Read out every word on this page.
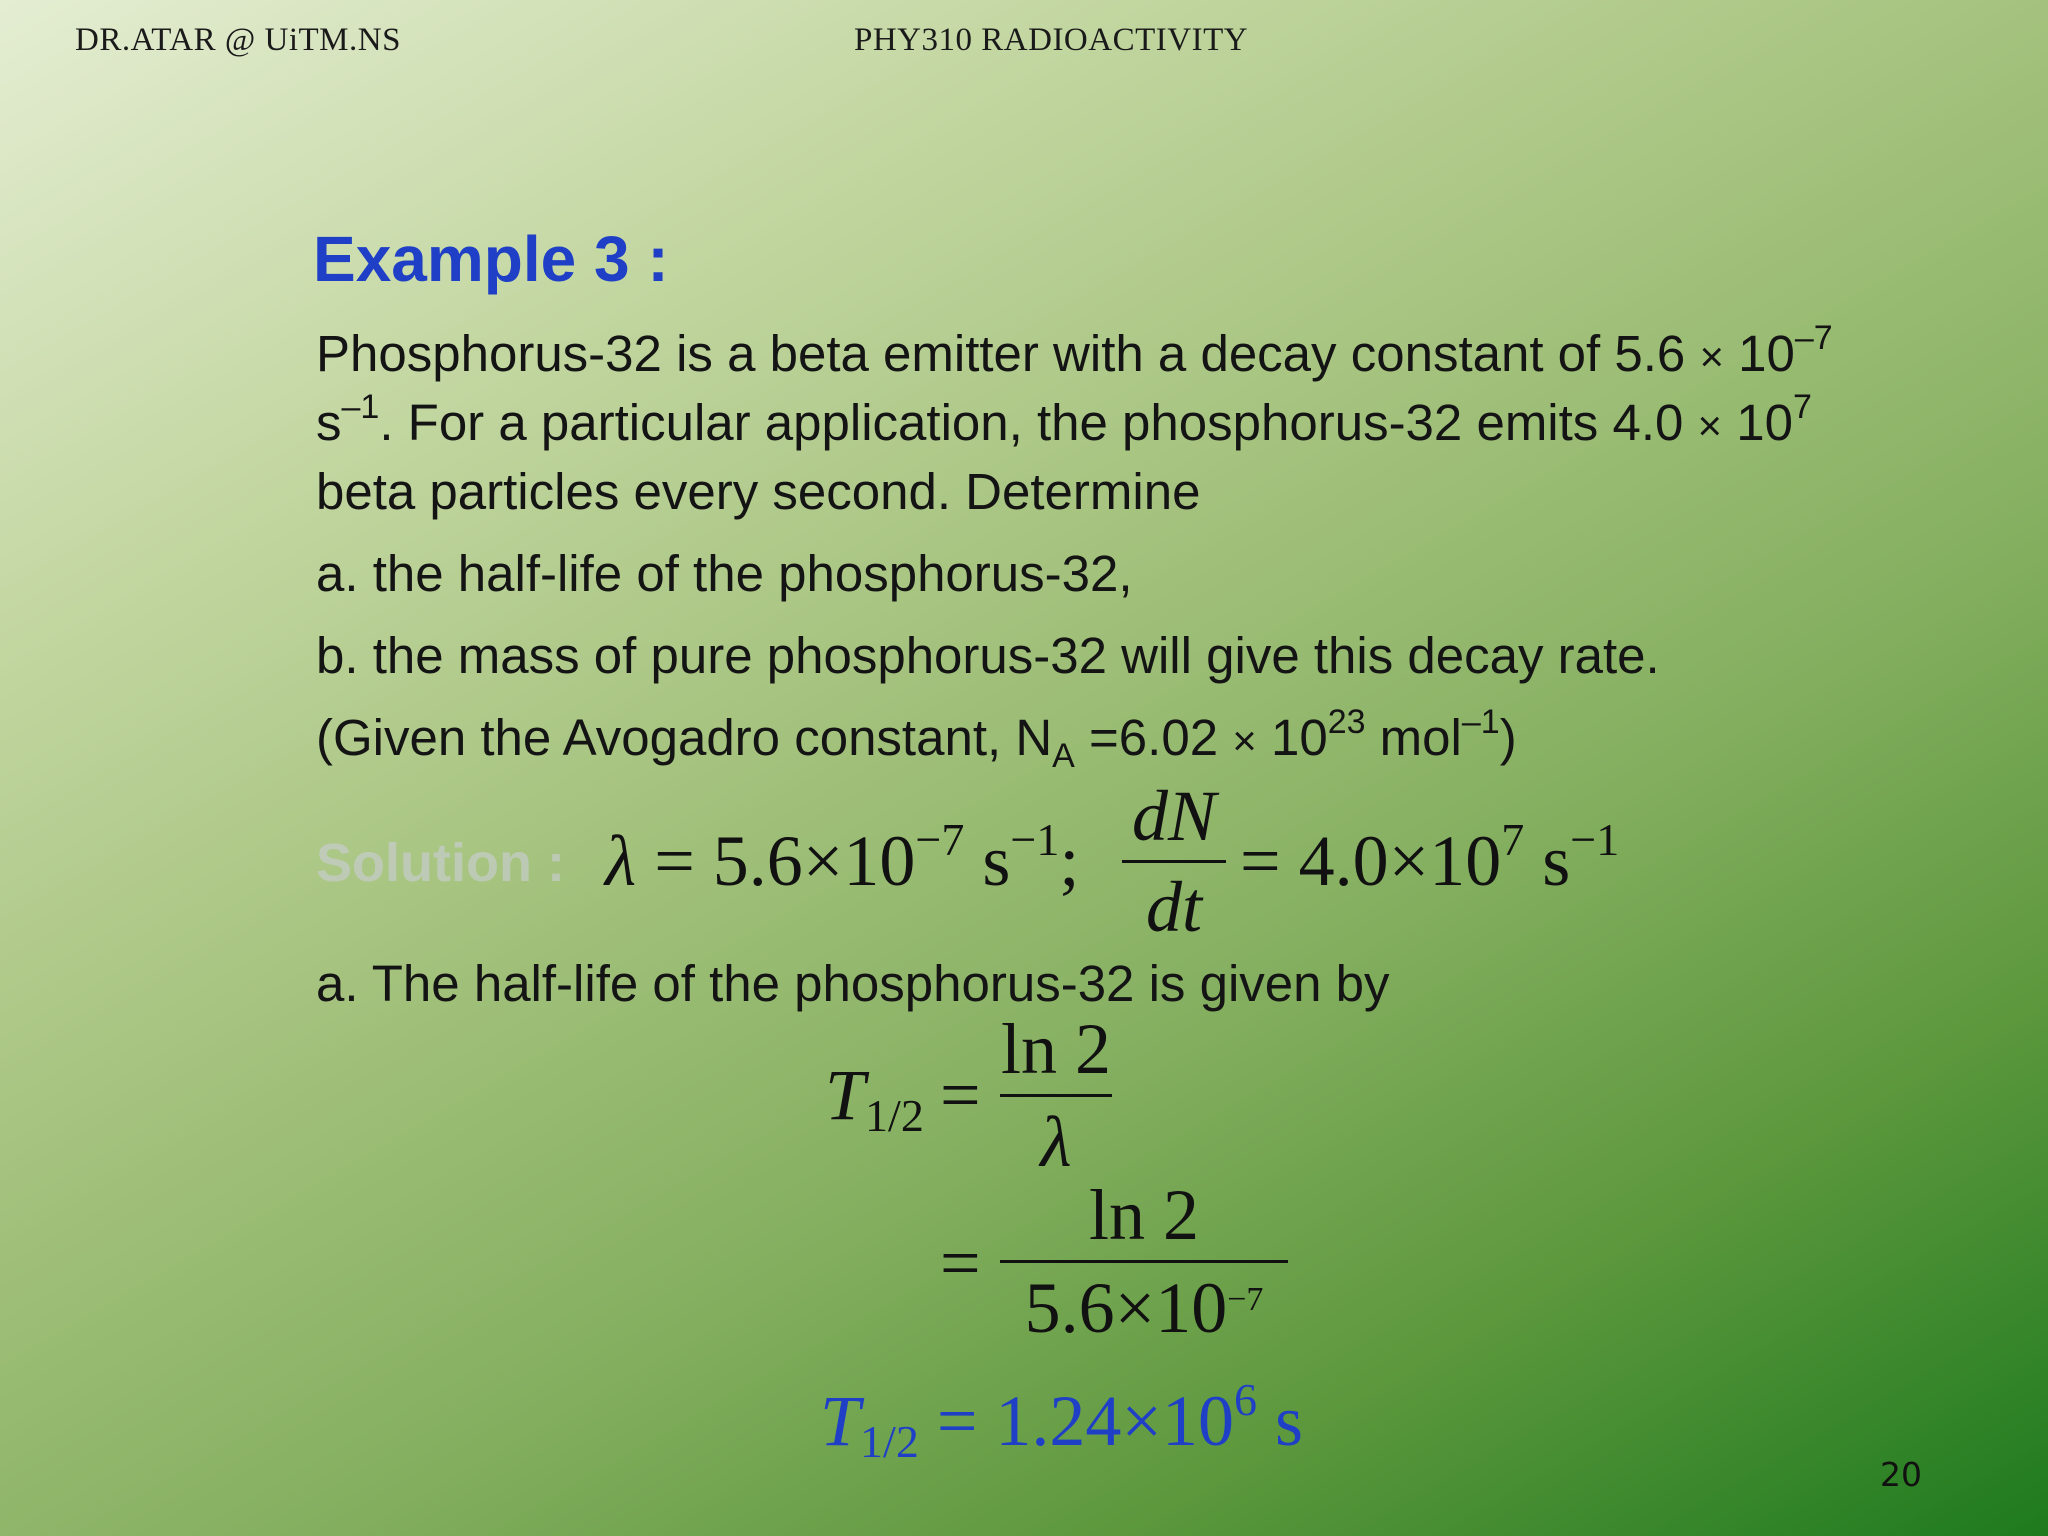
DR.ATAR @ UiTM.NS	PHY310 RADIOACTIVITY
Example 3 :
Phosphorus-32 is a beta emitter with a decay constant of $5.6 \times 10^{-7}$
$s^{-1}$. For a particular application, the phosphorus-32 emits $4.0 \times 10^7$
beta particles every second. Determine
a. the half-life of the phosphorus-32,
b. the mass of pure phosphorus-32 will give this decay rate.
(Given the Avogadro constant, $N_A =6.02 \times 10^{23}$ mol$^{-1}$)
Solution : $\lambda = 5.6\times 10^{-7}$ $s^{-1}$;
dN
dt
= $4.0\times 10^7$ $s^{-1}$
a. The half-life of the phosphorus-32 is given by
$T_{1/2}$ =
ln 2
λ
=
ln 2
$5.6\times 10^{-7}$
$T_{1/2} = 1.24\times 10^6$ s
20
